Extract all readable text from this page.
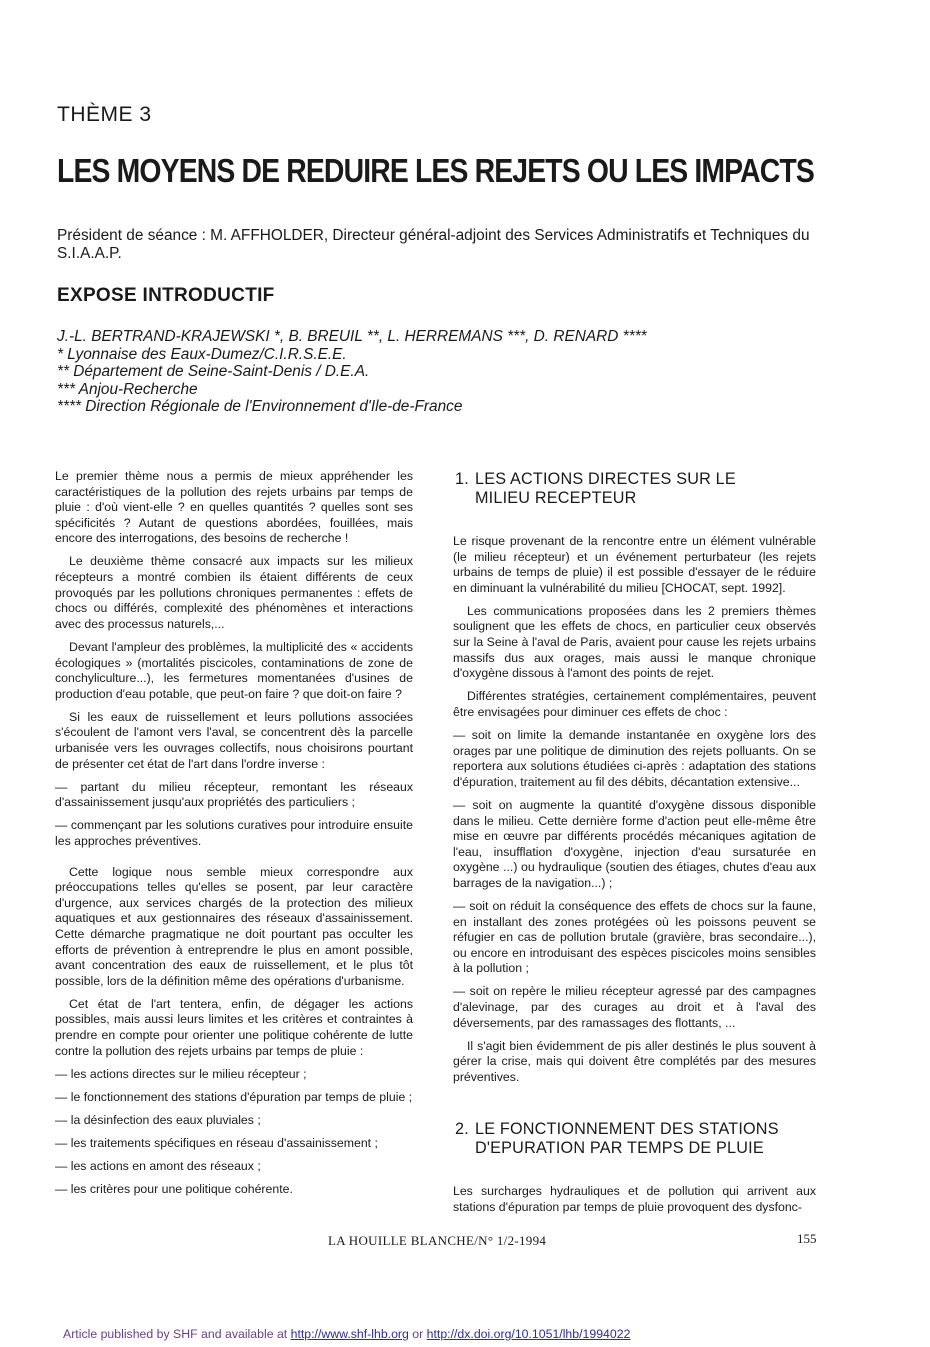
THÈME 3
LES MOYENS DE REDUIRE LES REJETS OU LES IMPACTS
Président de séance : M. AFFHOLDER, Directeur général-adjoint des Services Administratifs et Techniques du S.I.A.A.P.
EXPOSE INTRODUCTIF
J.-L. BERTRAND-KRAJEWSKI *, B. BREUIL **, L. HERREMANS ***, D. RENARD ****
* Lyonnaise des Eaux-Dumez/C.I.R.S.E.E.
** Département de Seine-Saint-Denis / D.E.A.
*** Anjou-Recherche
**** Direction Régionale de l'Environnement d'Ile-de-France

Le premier thème nous a permis de mieux appréhender les caractéristiques de la pollution des rejets urbains par temps de pluie : d'où vient-elle ? en quelles quantités ? quelles sont ses spécificités ? Autant de questions abordées, fouillées, mais encore des interrogations, des besoins de recherche !

Le deuxième thème consacré aux impacts sur les milieux récepteurs a montré combien ils étaient différents de ceux provoqués par les pollutions chroniques permanentes : effets de chocs ou différés, complexité des phénomènes et interactions avec des processus naturels,...

Devant l'ampleur des problèmes, la multiplicité des « accidents écologiques » (mortalités piscicoles, contaminations de zone de conchyliculture...), les fermetures momentanées d'usines de production d'eau potable, que peut-on faire ? que doit-on faire ?

Si les eaux de ruissellement et leurs pollutions associées s'écoulent de l'amont vers l'aval, se concentrent dès la parcelle urbanisée vers les ouvrages collectifs, nous choisirons pourtant de présenter cet état de l'art dans l'ordre inverse :

— partant du milieu récepteur, remontant les réseaux d'assainissement jusqu'aux propriétés des particuliers ;

— commençant par les solutions curatives pour introduire ensuite les approches préventives.

Cette logique nous semble mieux correspondre aux préoccupations telles qu'elles se posent, par leur caractère d'urgence, aux services chargés de la protection des milieux aquatiques et aux gestionnaires des réseaux d'assainissement. Cette démarche pragmatique ne doit pourtant pas occulter les efforts de prévention à entreprendre le plus en amont possible, avant concentration des eaux de ruissellement, et le plus tôt possible, lors de la définition même des opérations d'urbanisme.

Cet état de l'art tentera, enfin, de dégager les actions possibles, mais aussi leurs limites et les critères et contraintes à prendre en compte pour orienter une politique cohérente de lutte contre la pollution des rejets urbains par temps de pluie :

— les actions directes sur le milieu récepteur ;

— le fonctionnement des stations d'épuration par temps de pluie ;

— la désinfection des eaux pluviales ;

— les traitements spécifiques en réseau d'assainissement ;

— les actions en amont des réseaux ;

— les critères pour une politique cohérente.

1. LES ACTIONS DIRECTES SUR LE
MILIEU RECEPTEUR

Le risque provenant de la rencontre entre un élément vulnérable (le milieu récepteur) et un événement perturbateur (les rejets urbains de temps de pluie) il est possible d'essayer de le réduire en diminuant la vulnérabilité du milieu [CHOCAT, sept. 1992].

Les communications proposées dans les 2 premiers thèmes soulignent que les effets de chocs, en particulier ceux observés sur la Seine à l'aval de Paris, avaient pour cause les rejets urbains massifs dus aux orages, mais aussi le manque chronique d'oxygène dissous à l'amont des points de rejet.

Différentes stratégies, certainement complémentaires, peuvent être envisagées pour diminuer ces effets de choc :

— soit on limite la demande instantanée en oxygène lors des orages par une politique de diminution des rejets polluants. On se reportera aux solutions étudiées ci-après : adaptation des stations d'épuration, traitement au fil des débits, décantation extensive...

— soit on augmente la quantité d'oxygène dissous disponible dans le milieu. Cette dernière forme d'action peut elle-même être mise en œuvre par différents procédés mécaniques agitation de l'eau, insufflation d'oxygène, injection d'eau sursaturée en oxygène ...) ou hydraulique (soutien des étiages, chutes d'eau aux barrages de la navigation...) ;

— soit on réduit la conséquence des effets de chocs sur la faune, en installant des zones protégées où les poissons peuvent se réfugier en cas de pollution brutale (gravière, bras secondaire...), ou encore en introduisant des espèces piscicoles moins sensibles à la pollution ;

— soit on repère le milieu récepteur agressé par des campagnes d'alevinage, par des curages au droit et à l'aval des déversements, par des ramassages des flottants, ...

Il s'agit bien évidemment de pis aller destinés le plus souvent à gérer la crise, mais qui doivent être complétés par des mesures préventives.

2. LE FONCTIONNEMENT DES STATIONS
D'EPURATION PAR TEMPS DE PLUIE

Les surcharges hydrauliques et de pollution qui arrivent aux stations d'épuration par temps de pluie provoquent des dysfonc-

LA HOUILLE BLANCHE/N° 1/2-1994	155
Article published by SHF and available at http://www.shf-lhb.org or http://dx.doi.org/10.1051/lhb/1994022
